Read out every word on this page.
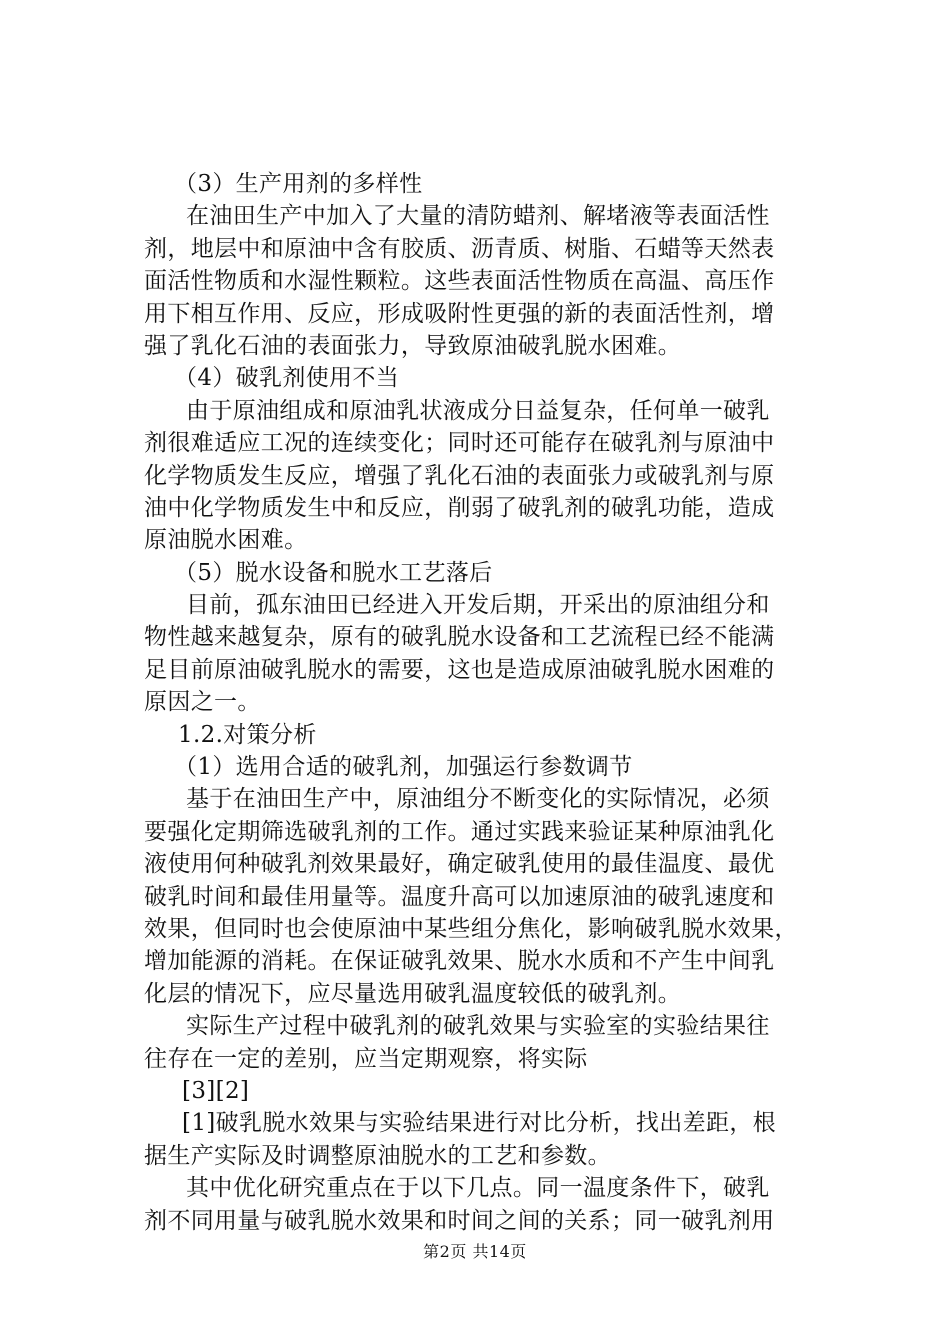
（3）生产用剂的多样性
在油田生产中加入了大量的清防蜡剂、解堵液等表面活性
剂，地层中和原油中含有胶质、沥青质、树脂、石蜡等天然表
面活性物质和水湿性颗粒。这些表面活性物质在高温、高压作
用下相互作用、反应，形成吸附性更强的新的表面活性剂，增
强了乳化石油的表面张力，导致原油破乳脱水困难。
（4）破乳剂使用不当
由于原油组成和原油乳状液成分日益复杂，任何单一破乳
剂很难适应工况的连续变化；同时还可能存在破乳剂与原油中
化学物质发生反应，增强了乳化石油的表面张力或破乳剂与原
油中化学物质发生中和反应，削弱了破乳剂的破乳功能，造成
原油脱水困难。
（5）脱水设备和脱水工艺落后
目前，孤东油田已经进入开发后期，开采出的原油组分和
物性越来越复杂，原有的破乳脱水设备和工艺流程已经不能满
足目前原油破乳脱水的需要，这也是造成原油破乳脱水困难的
原因之一。
1.2.对策分析
（1）选用合适的破乳剂，加强运行参数调节
基于在油田生产中，原油组分不断变化的实际情况，必须
要强化定期筛选破乳剂的工作。通过实践来验证某种原油乳化
液使用何种破乳剂效果最好，确定破乳使用的最佳温度、最优
破乳时间和最佳用量等。温度升高可以加速原油的破乳速度和
效果，但同时也会使原油中某些组分焦化，影响破乳脱水效果，
增加能源的消耗。在保证破乳效果、脱水水质和不产生中间乳
化层的情况下，应尽量选用破乳温度较低的破乳剂。
实际生产过程中破乳剂的破乳效果与实验室的实验结果往
往存在一定的差别，应当定期观察，将实际
[3][2]
[1]破乳脱水效果与实验结果进行对比分析，找出差距，根
据生产实际及时调整原油脱水的工艺和参数。
其中优化研究重点在于以下几点。同一温度条件下，破乳
剂不同用量与破乳脱水效果和时间之间的关系；同一破乳剂用
第2页 共14页
